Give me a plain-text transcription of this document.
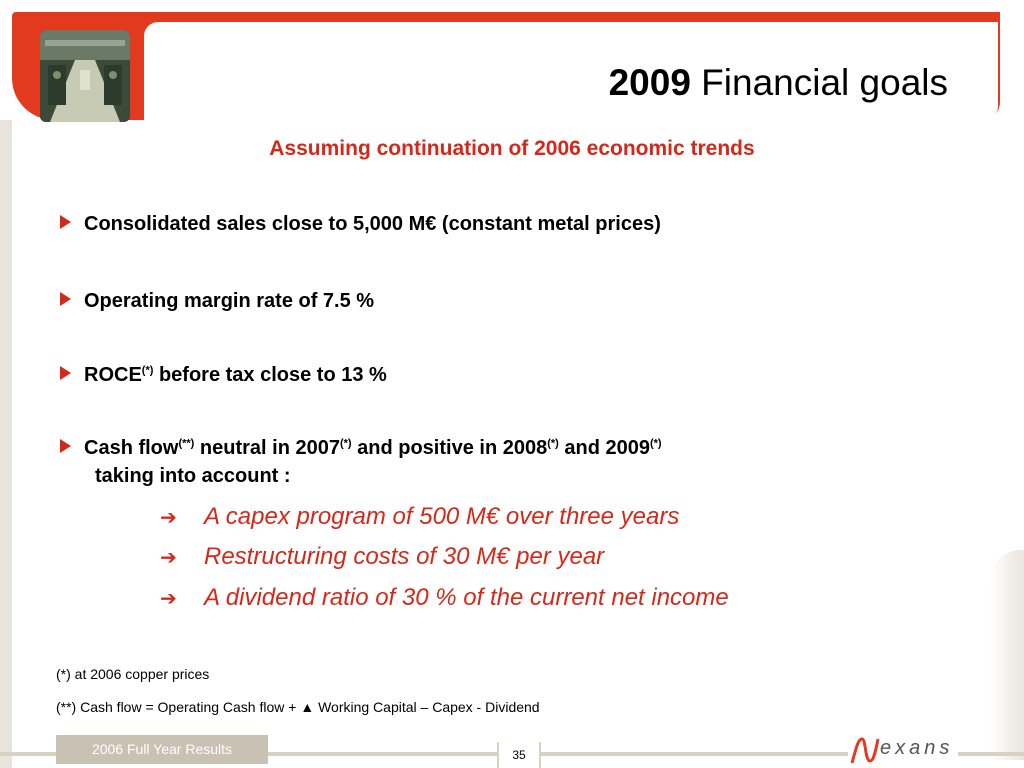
2009 Financial goals
Assuming continuation of 2006 economic trends
Consolidated sales close to 5,000 M€ (constant metal prices)
Operating margin rate of 7.5 %
ROCE(*) before tax close to 13 %
Cash flow(**) neutral in 2007(*) and positive in 2008(*) and 2009(*)
taking into account :
➔ A capex program of 500 M€ over three years
➔ Restructuring costs of 30 M€ per year
➔ A dividend ratio of 30 % of the current net income
(*) at 2006 copper prices
(**) Cash flow = Operating Cash flow + ▲ Working Capital – Capex - Dividend
2006 Full Year Results	35	exans
